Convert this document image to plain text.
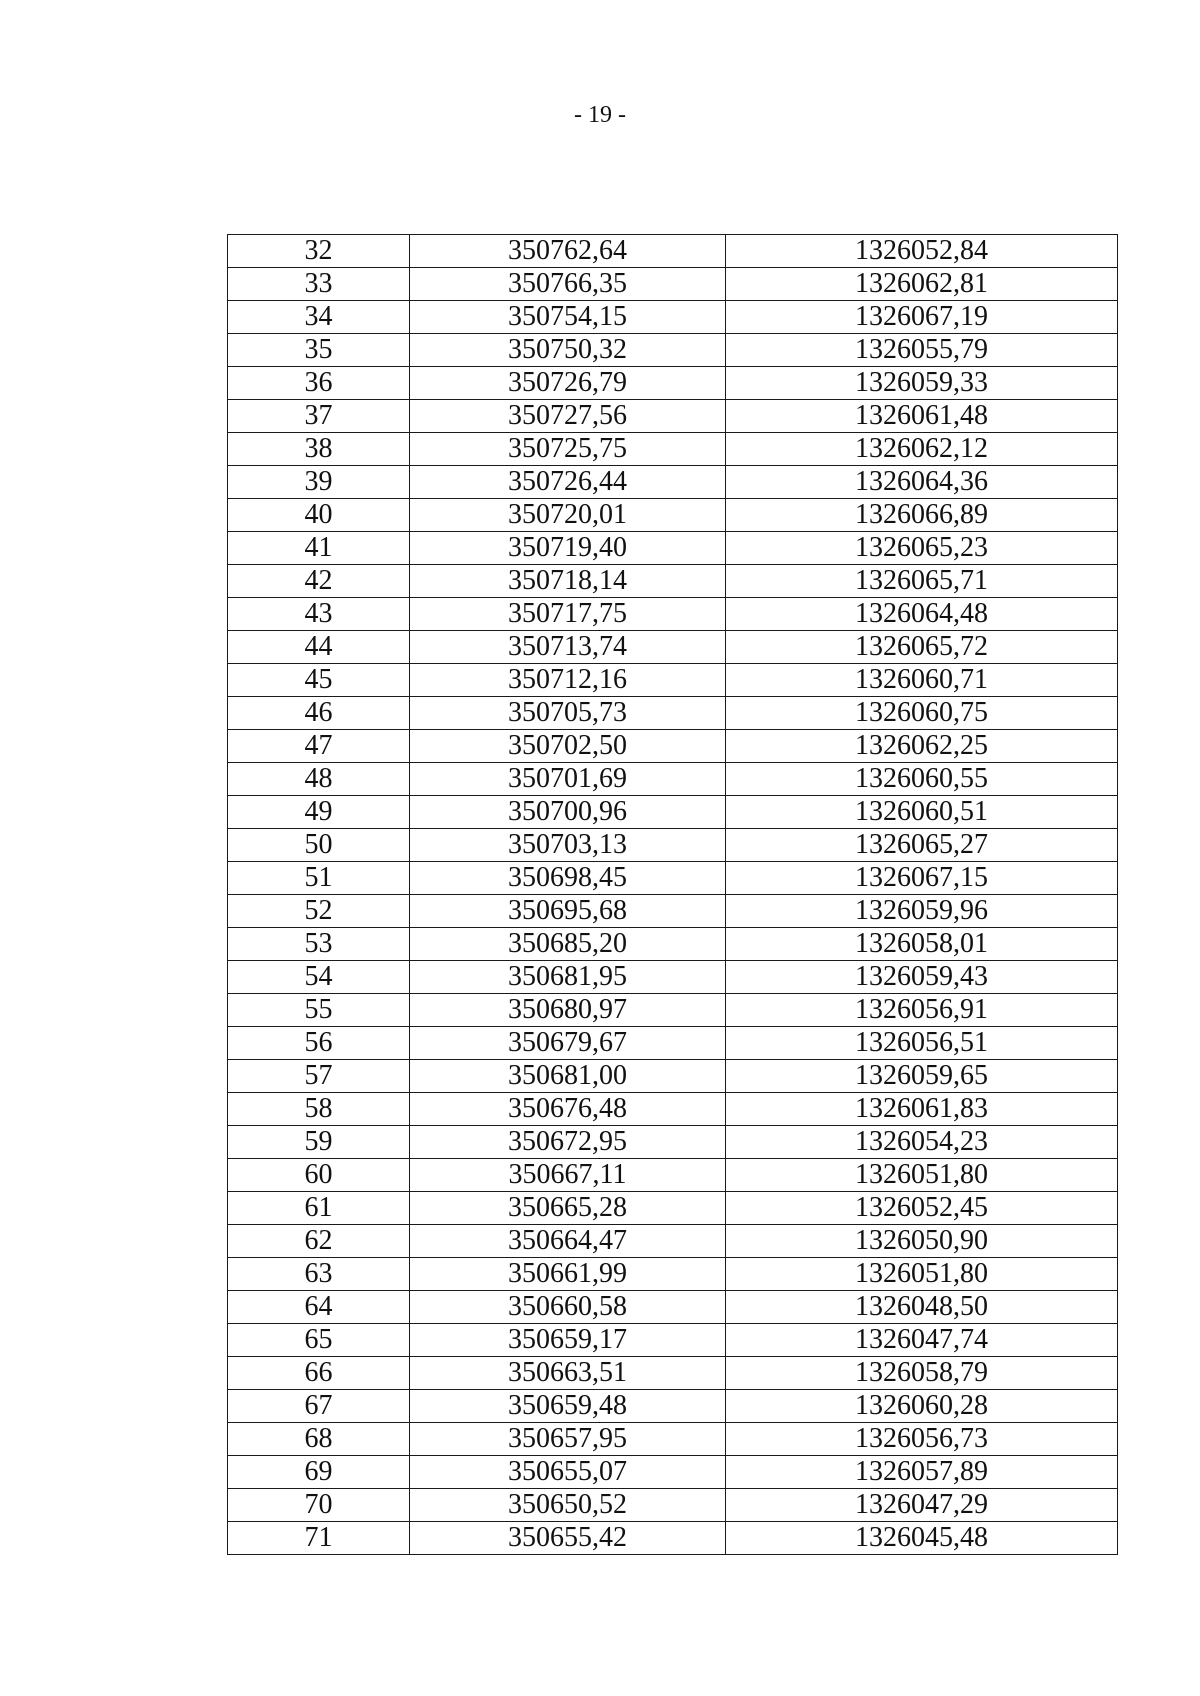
- 19 -
32	350762,64	1326052,84
33	350766,35	1326062,81
34	350754,15	1326067,19
35	350750,32	1326055,79
36	350726,79	1326059,33
37	350727,56	1326061,48
38	350725,75	1326062,12
39	350726,44	1326064,36
40	350720,01	1326066,89
41	350719,40	1326065,23
42	350718,14	1326065,71
43	350717,75	1326064,48
44	350713,74	1326065,72
45	350712,16	1326060,71
46	350705,73	1326060,75
47	350702,50	1326062,25
48	350701,69	1326060,55
49	350700,96	1326060,51
50	350703,13	1326065,27
51	350698,45	1326067,15
52	350695,68	1326059,96
53	350685,20	1326058,01
54	350681,95	1326059,43
55	350680,97	1326056,91
56	350679,67	1326056,51
57	350681,00	1326059,65
58	350676,48	1326061,83
59	350672,95	1326054,23
60	350667,11	1326051,80
61	350665,28	1326052,45
62	350664,47	1326050,90
63	350661,99	1326051,80
64	350660,58	1326048,50
65	350659,17	1326047,74
66	350663,51	1326058,79
67	350659,48	1326060,28
68	350657,95	1326056,73
69	350655,07	1326057,89
70	350650,52	1326047,29
71	350655,42	1326045,48
